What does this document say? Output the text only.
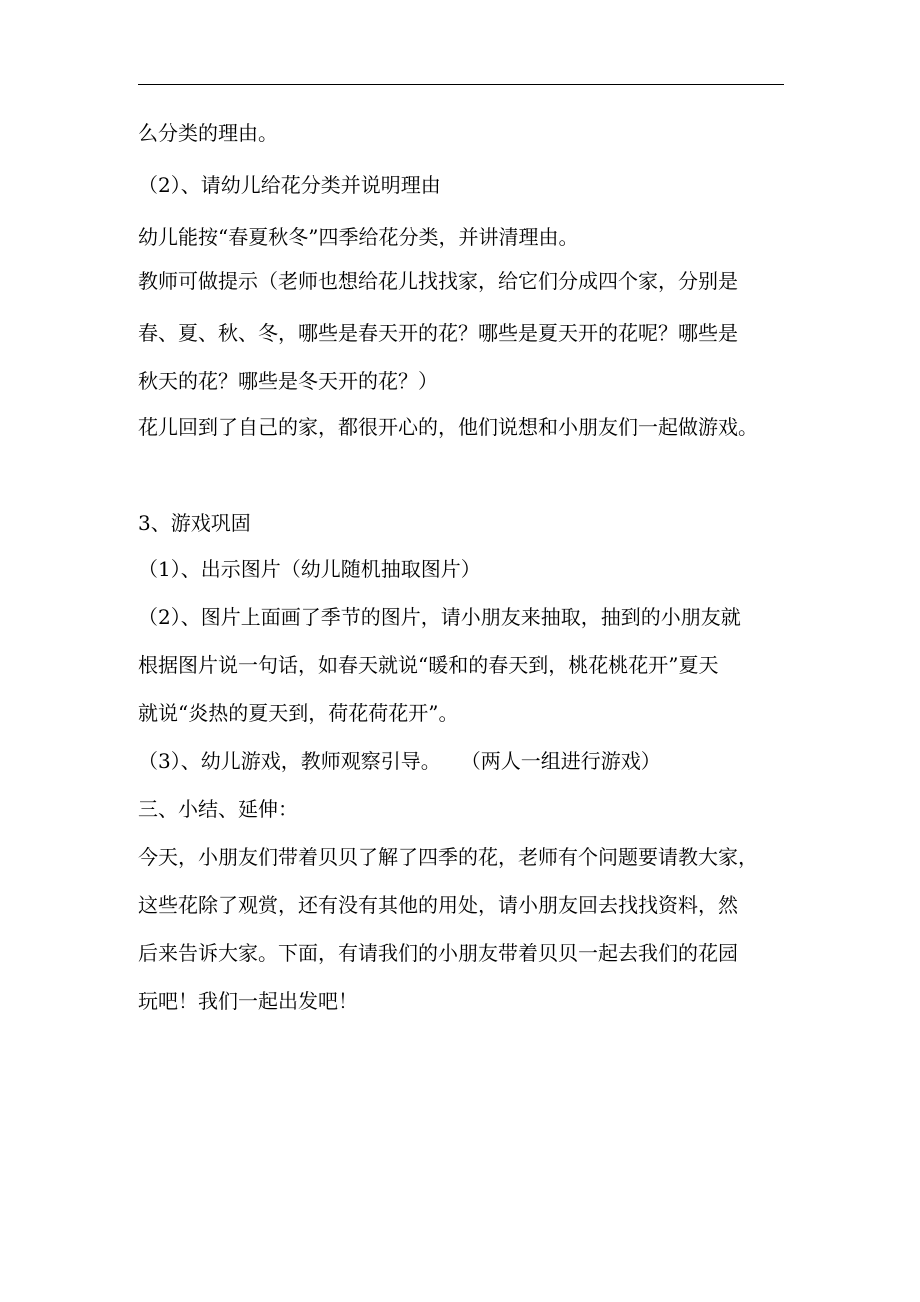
么分类的理由。
（2）、请幼儿给花分类并说明理由
幼儿能按“春夏秋冬”四季给花分类，并讲清理由。
教师可做提示（老师也想给花儿找找家，给它们分成四个家，分别是
春、夏、秋、冬，哪些是春天开的花？哪些是夏天开的花呢？哪些是
秋天的花？哪些是冬天开的花？）
花儿回到了自己的家，都很开心的，他们说想和小朋友们一起做游戏。
3、游戏巩固
（1）、出示图片（幼儿随机抽取图片）
（2）、图片上面画了季节的图片，请小朋友来抽取，抽到的小朋友就
根据图片说一句话，如春天就说“暖和的春天到，桃花桃花开”夏天
就说“炎热的夏天到，荷花荷花开”。
（3）、幼儿游戏，教师观察引导。　　（两人一组进行游戏）
三、小结、延伸：
今天，小朋友们带着贝贝了解了四季的花，老师有个问题要请教大家，
这些花除了观赏，还有没有其他的用处，请小朋友回去找找资料，然
后来告诉大家。下面，有请我们的小朋友带着贝贝一起去我们的花园
玩吧！我们一起出发吧！
